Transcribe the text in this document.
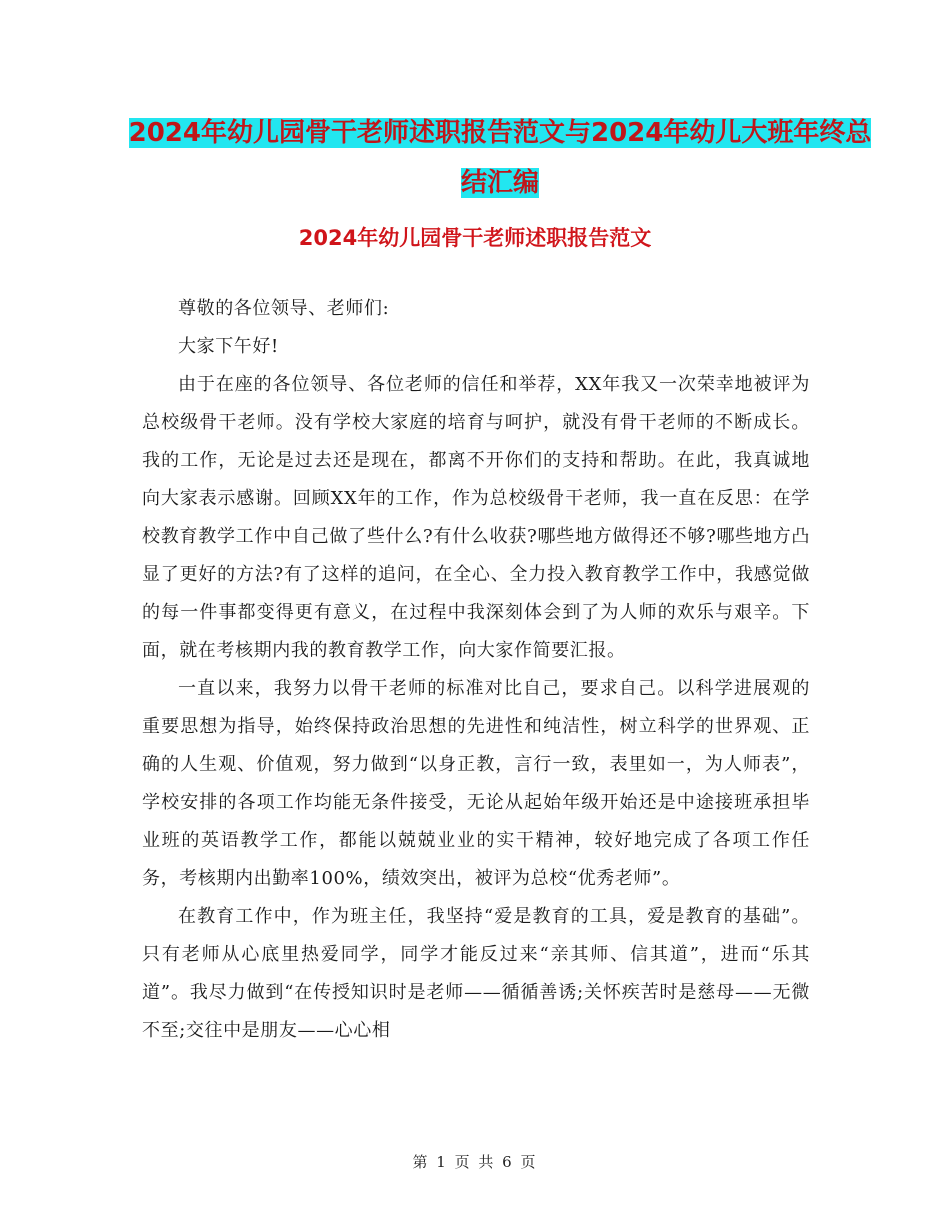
2024年幼儿园骨干老师述职报告范文与2024年幼儿大班年终总结汇编
2024年幼儿园骨干老师述职报告范文

尊敬的各位领导、老师们:

大家下午好!

由于在座的各位领导、各位老师的信任和举荐，XX年我又一次荣幸地被评为总校级骨干老师。没有学校大家庭的培育与呵护，就没有骨干老师的不断成长。我的工作，无论是过去还是现在，都离不开你们的支持和帮助。在此，我真诚地向大家表示感谢。回顾XX年的工作，作为总校级骨干老师，我一直在反思：在学校教育教学工作中自己做了些什么?有什么收获?哪些地方做得还不够?哪些地方凸显了更好的方法?有了这样的追问，在全心、全力投入教育教学工作中，我感觉做的每一件事都变得更有意义，在过程中我深刻体会到了为人师的欢乐与艰辛。下面，就在考核期内我的教育教学工作，向大家作简要汇报。

一直以来，我努力以骨干老师的标准对比自己，要求自己。以科学进展观的重要思想为指导，始终保持政治思想的先进性和纯洁性，树立科学的世界观、正确的人生观、价值观，努力做到“以身正教，言行一致，表里如一，为人师表”，学校安排的各项工作均能无条件接受，无论从起始年级开始还是中途接班承担毕业班的英语教学工作，都能以兢兢业业的实干精神，较好地完成了各项工作任务，考核期内出勤率100%，绩效突出，被评为总校“优秀老师”。

在教育工作中，作为班主任，我坚持“爱是教育的工具，爱是教育的基础”。只有老师从心底里热爱同学，同学才能反过来“亲其师、信其道”，进而“乐其道”。我尽力做到“在传授知识时是老师——循循善诱;关怀疾苦时是慈母——无微不至;交往中是朋友——心心相

第 1 页 共 6 页
